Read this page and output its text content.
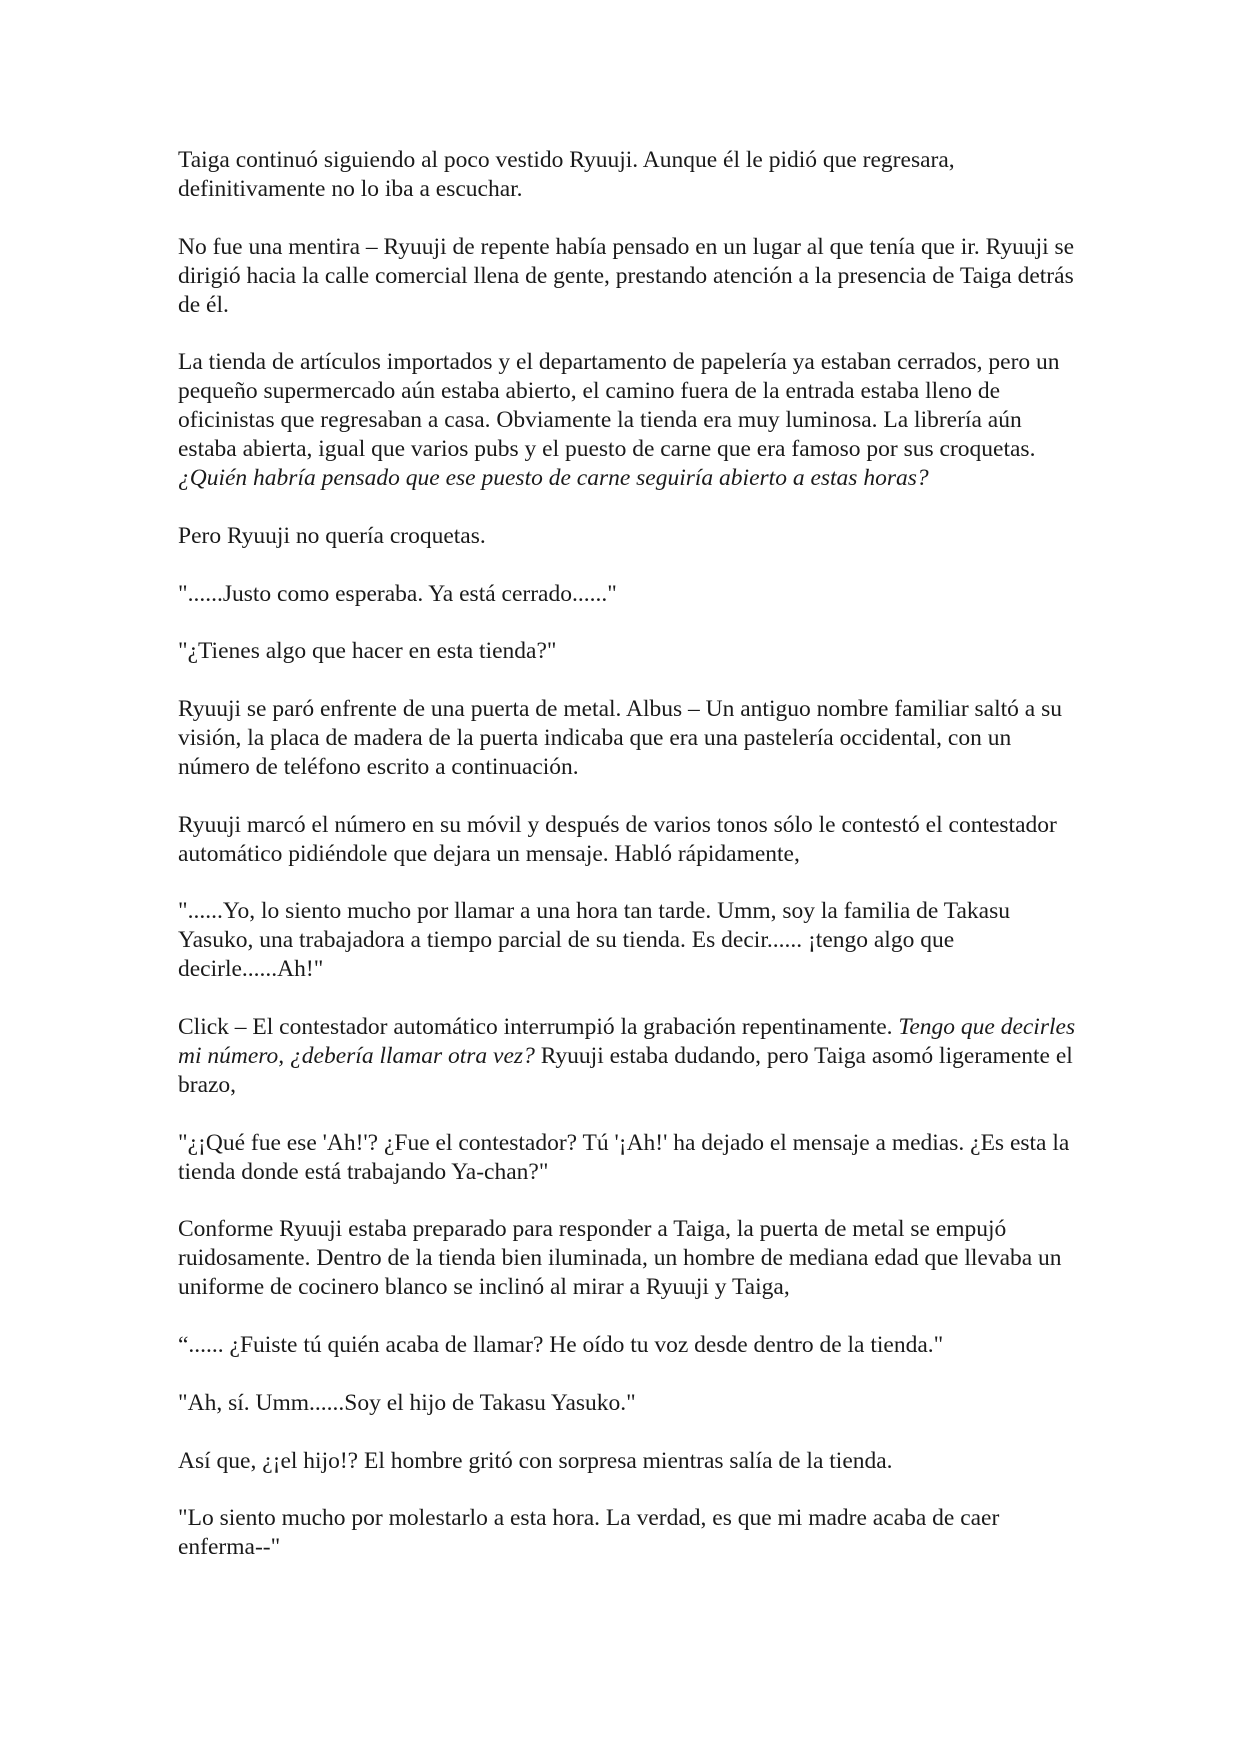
Taiga continuó siguiendo al poco vestido Ryuuji. Aunque él le pidió que regresara, definitivamente no lo iba a escuchar.

No fue una mentira – Ryuuji de repente había pensado en un lugar al que tenía que ir. Ryuuji se dirigió hacia la calle comercial llena de gente, prestando atención a la presencia de Taiga detrás de él.

La tienda de artículos importados y el departamento de papelería ya estaban cerrados, pero un pequeño supermercado aún estaba abierto, el camino fuera de la entrada estaba lleno de oficinistas que regresaban a casa. Obviamente la tienda era muy luminosa. La librería aún estaba abierta, igual que varios pubs y el puesto de carne que era famoso por sus croquetas. ¿Quién habría pensado que ese puesto de carne seguiría abierto a estas horas?

Pero Ryuuji no quería croquetas.

"......Justo como esperaba. Ya está cerrado......"

"¿Tienes algo que hacer en esta tienda?"

Ryuuji se paró enfrente de una puerta de metal. Albus – Un antiguo nombre familiar saltó a su visión, la placa de madera de la puerta indicaba que era una pastelería occidental, con un número de teléfono escrito a continuación.

Ryuuji marcó el número en su móvil y después de varios tonos sólo le contestó el contestador automático pidiéndole que dejara un mensaje. Habló rápidamente,

"......Yo, lo siento mucho por llamar a una hora tan tarde. Umm, soy la familia de Takasu Yasuko, una trabajadora a tiempo parcial de su tienda. Es decir...... ¡tengo algo que decirle......Ah!"

Click – El contestador automático interrumpió la grabación repentinamente. Tengo que decirles mi número, ¿debería llamar otra vez? Ryuuji estaba dudando, pero Taiga asomó ligeramente el brazo,

"¿¡Qué fue ese 'Ah!'? ¿Fue el contestador? Tú '¡Ah!' ha dejado el mensaje a medias. ¿Es esta la tienda donde está trabajando Ya-chan?"

Conforme Ryuuji estaba preparado para responder a Taiga, la puerta de metal se empujó ruidosamente. Dentro de la tienda bien iluminada, un hombre de mediana edad que llevaba un uniforme de cocinero blanco se inclinó al mirar a Ryuuji y Taiga,

“...... ¿Fuiste tú quién acaba de llamar? He oído tu voz desde dentro de la tienda."

"Ah, sí. Umm......Soy el hijo de Takasu Yasuko."

Así que, ¿¡el hijo!? El hombre gritó con sorpresa mientras salía de la tienda.

"Lo siento mucho por molestarlo a esta hora. La verdad, es que mi madre acaba de caer enferma--"
